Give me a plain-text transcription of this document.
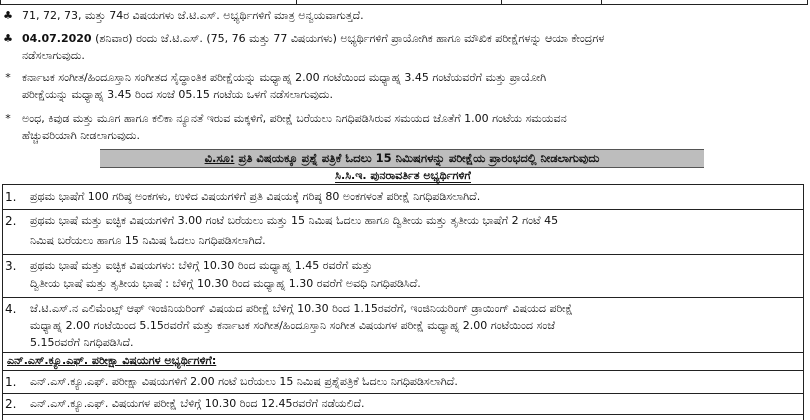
♣ 71, 72, 73, ಮತ್ತು 74ರ ವಿಷಯಗಳು ಜೆ.ಟಿ.ಎಸ್. ಅಭ್ಯರ್ಥಿಗಳಿಗೆ ಮಾತ್ರ ಅನ್ವಯವಾಗುತ್ತದೆ.
♣ 04.07.2020 (ಶನಿವಾರ) ರಂದು ಜೆ.ಟಿ.ಎಸ್. (75, 76 ಮತ್ತು 77 ವಿಷಯಗಳು) ಅಭ್ಯರ್ಥಿಗಳಿಗೆ ಪ್ರಾಯೋಗಿಕ ಹಾಗೂ ಮೌಖಿಕ ಪರೀಕ್ಷೆಗಳನ್ನು ಆಯಾ ಕೇಂದ್ರಗಳ
ನಡೆಸಲಾಗುವುದು.
* ಕರ್ನಾಟಕ ಸಂಗೀತ/ಹಿಂದೂಸ್ತಾನಿ ಸಂಗೀತದ ಸೈದ್ಧಾಂತಿಕ ಪರೀಕ್ಷೆಯನ್ನು ಮಧ್ಯಾಹ್ನ 2.00 ಗಂಟೆಯಿಂದ ಮಧ್ಯಾಹ್ನ 3.45 ಗಂಟೆಯವರೆಗೆ ಮತ್ತು ಪ್ರಾಯೋಗಿ
ಪರೀಕ್ಷೆಯನ್ನು ಮಧ್ಯಾಹ್ನ 3.45 ರಿಂದ ಸಂಜೆ 05.15 ಗಂಟೆಯ ಒಳಗೆ ನಡೆಸಲಾಗುವುದು.
* ಅಂಧ, ಕಿವುಡ ಮತ್ತು ಮೂಗ ಹಾಗೂ ಕಲಿಕಾ ನ್ಯೂನತೆ ಇರುವ ಮಕ್ಕಳಿಗೆ, ಪರೀಕ್ಷೆ ಬರೆಯಲು ನಿಗಧಿಪಡಿಸಿರುವ ಸಮಯದ ಜೊತೆಗೆ 1.00 ಗಂಟೆಯ ಸಮಯವನ
ಹೆಚ್ಚುವರಿಯಾಗಿ ನೀಡಲಾಗುವುದು.
ವಿ.ಸೂ: ಪ್ರತಿ ವಿಷಯಕ್ಕೂ ಪ್ರಶ್ನೆ ಪತ್ರಿಕೆ ಓದಲು 15 ನಿಮಿಷಗಳನ್ನು ಪರೀಕ್ಷೆಯ ಪ್ರಾರಂಭದಲ್ಲಿ ನೀಡಲಾಗುವುದು
ಸಿ.ಸಿ.ಇ. ಪುನರಾವರ್ತಿತ ಅಭ್ಯರ್ಥಿಗಳಿಗೆ
1.	ಪ್ರಥಮ ಭಾಷೆಗೆ 100 ಗರಿಷ್ಠ ಅಂಕಗಳು, ಉಳಿದ ವಿಷಯಗಳಿಗೆ ಪ್ರತಿ ವಿಷಯಕ್ಕೆ ಗರಿಷ್ಠ 80 ಅಂಕಗಳಂತೆ ಪರೀಕ್ಷೆ ನಿಗಧಿಪಡಿಸಲಾಗಿದೆ.
2.	ಪ್ರಥಮ ಭಾಷೆ ಮತ್ತು ಐಚ್ಛಿಕ ವಿಷಯಗಳಿಗೆ 3.00 ಗಂಟೆ ಬರೆಯಲು ಮತ್ತು 15 ನಿಮಿಷ ಓದಲು ಹಾಗೂ ದ್ವಿತೀಯ ಮತ್ತು ತೃತೀಯ ಭಾಷೆಗೆ 2 ಗಂಟೆ 45
ನಿಮಿಷ ಬರೆಯಲು ಹಾಗೂ 15 ನಿಮಿಷ ಓದಲು ನಿಗಧಿಪಡಿಸಲಾಗಿದೆ.
3.	ಪ್ರಥಮ ಭಾಷೆ ಮತ್ತು ಐಚ್ಛಿಕ ವಿಷಯಗಳು: ಬೆಳಿಗ್ಗೆ 10.30 ರಿಂದ ಮಧ್ಯಾಹ್ನ 1.45 ರವರೆಗೆ ಮತ್ತು
ದ್ವಿತೀಯ ಭಾಷೆ ಮತ್ತು ತೃತೀಯ ಭಾಷೆ : ಬೆಳಿಗ್ಗೆ 10.30 ರಿಂದ ಮಧ್ಯಾಹ್ನ 1.30 ರವರೆಗೆ ಅವಧಿ ನಿಗಧಿಪಡಿಸಿದೆ.
4.	ಜೆ.ಟಿ.ಎಸ್.ನ ಎಲಿಮೆಂಟ್ಸ್ ಆಫ್ ಇಂಜಿನಿಯರಿಂಗ್ ವಿಷಯದ ಪರೀಕ್ಷೆ ಬೆಳಿಗ್ಗೆ 10.30 ರಿಂದ 1.15ರವರೆಗೆ, ಇಂಜಿನಿಯರಿಂಗ್ ಡ್ರಾಯಿಂಗ್ ವಿಷಯದ ಪರೀಕ್ಷೆ
ಮಧ್ಯಾಹ್ನ 2.00 ಗಂಟೆಯಿಂದ 5.15ರವರೆಗೆ ಮತ್ತು ಕರ್ನಾಟಕ ಸಂಗೀತ/ಹಿಂದೂಸ್ತಾನಿ ಸಂಗೀತ ವಿಷಯಗಳ ಪರೀಕ್ಷೆ ಮಧ್ಯಾಹ್ನ 2.00 ಗಂಟೆಯಿಂದ ಸಂಜೆ
5.15ರವರೆಗೆ ನಿಗಧಿಪಡಿಸಿದೆ.
ಎನ್.ಎಸ್.ಕ್ಯೂ.ಎಫ್. ಪರೀಕ್ಷಾ ವಿಷಯಗಳ ಅಭ್ಯರ್ಥಿಗಳಿಗೆ:
1.	ಎನ್.ಎಸ್.ಕ್ಯೂ.ಎಫ್. ಪರೀಕ್ಷಾ ವಿಷಯಗಳಿಗೆ 2.00 ಗಂಟೆ ಬರೆಯಲು 15 ನಿಮಿಷ ಪ್ರಶ್ನೆಪತ್ರಿಕೆ ಓದಲು ನಿಗಧಿಪಡಿಸಲಾಗಿದೆ.
2.	ಎನ್.ಎಸ್.ಕ್ಯೂ.ಎಫ್. ವಿಷಯಗಳ ಪರೀಕ್ಷೆ ಬೆಳಿಗ್ಗೆ 10.30 ರಿಂದ 12.45ರವರೆಗೆ ನಡೆಯಲಿದೆ.
